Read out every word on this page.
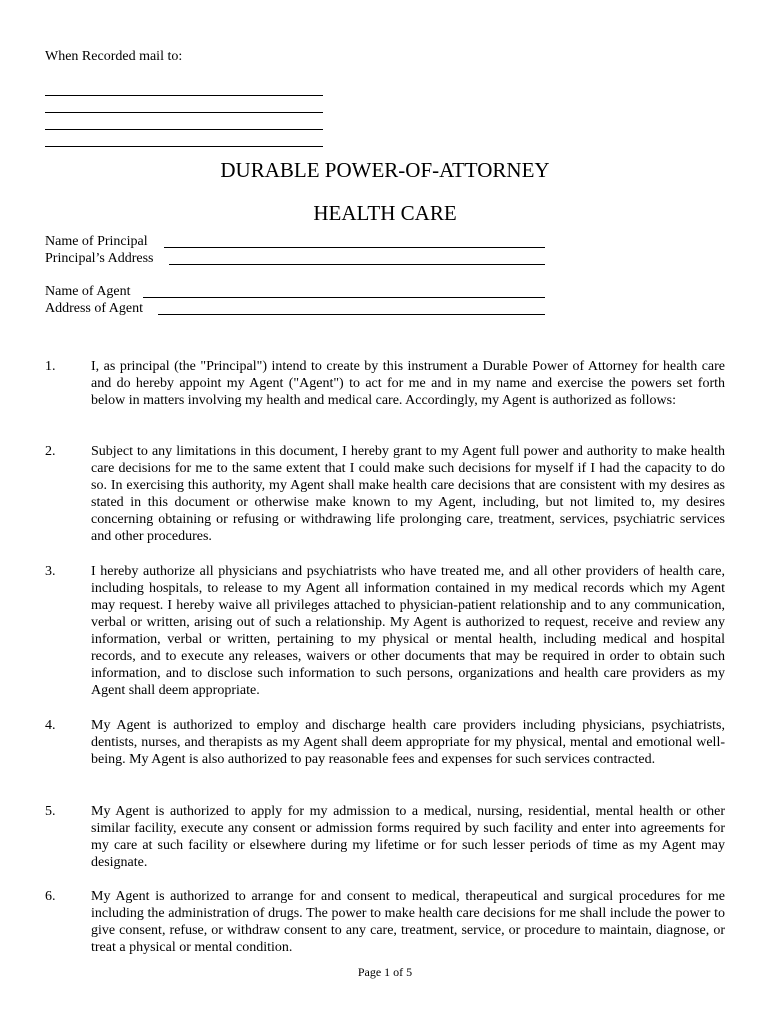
When Recorded mail to:
DURABLE POWER-OF-ATTORNEY
HEALTH CARE
Name of Principal
Principal’s Address
Name of Agent
Address of Agent
1.	I, as principal (the "Principal") intend to create by this instrument a Durable Power of Attorney for health care and do hereby appoint my Agent ("Agent") to act for me and in my name and exercise the powers set forth below in matters involving my health and medical care. Accordingly, my Agent is authorized as follows:
2.	Subject to any limitations in this document, I hereby grant to my Agent full power and authority to make health care decisions for me to the same extent that I could make such decisions for myself if I had the capacity to do so. In exercising this authority, my Agent shall make health care decisions that are consistent with my desires as stated in this document or otherwise make known to my Agent, including, but not limited to, my desires concerning obtaining or refusing or withdrawing life prolonging care, treatment, services, psychiatric services and other procedures.
3.	I hereby authorize all physicians and psychiatrists who have treated me, and all other providers of health care, including hospitals, to release to my Agent all information contained in my medical records which my Agent may request. I hereby waive all privileges attached to physician-patient relationship and to any communication, verbal or written, arising out of such a relationship. My Agent is authorized to request, receive and review any information, verbal or written, pertaining to my physical or mental health, including medical and hospital records, and to execute any releases, waivers or other documents that may be required in order to obtain such information, and to disclose such information to such persons, organizations and health care providers as my Agent shall deem appropriate.
4.	My Agent is authorized to employ and discharge health care providers including physicians, psychiatrists, dentists, nurses, and therapists as my Agent shall deem appropriate for my physical, mental and emotional well-being. My Agent is also authorized to pay reasonable fees and expenses for such services contracted.
5.	My Agent is authorized to apply for my admission to a medical, nursing, residential, mental health or other similar facility, execute any consent or admission forms required by such facility and enter into agreements for my care at such facility or elsewhere during my lifetime or for such lesser periods of time as my Agent may designate.
6.	My Agent is authorized to arrange for and consent to medical, therapeutical and surgical procedures for me including the administration of drugs. The power to make health care decisions for me shall include the power to give consent, refuse, or withdraw consent to any care, treatment, service, or procedure to maintain, diagnose, or treat a physical or mental condition.
Page 1 of 5
